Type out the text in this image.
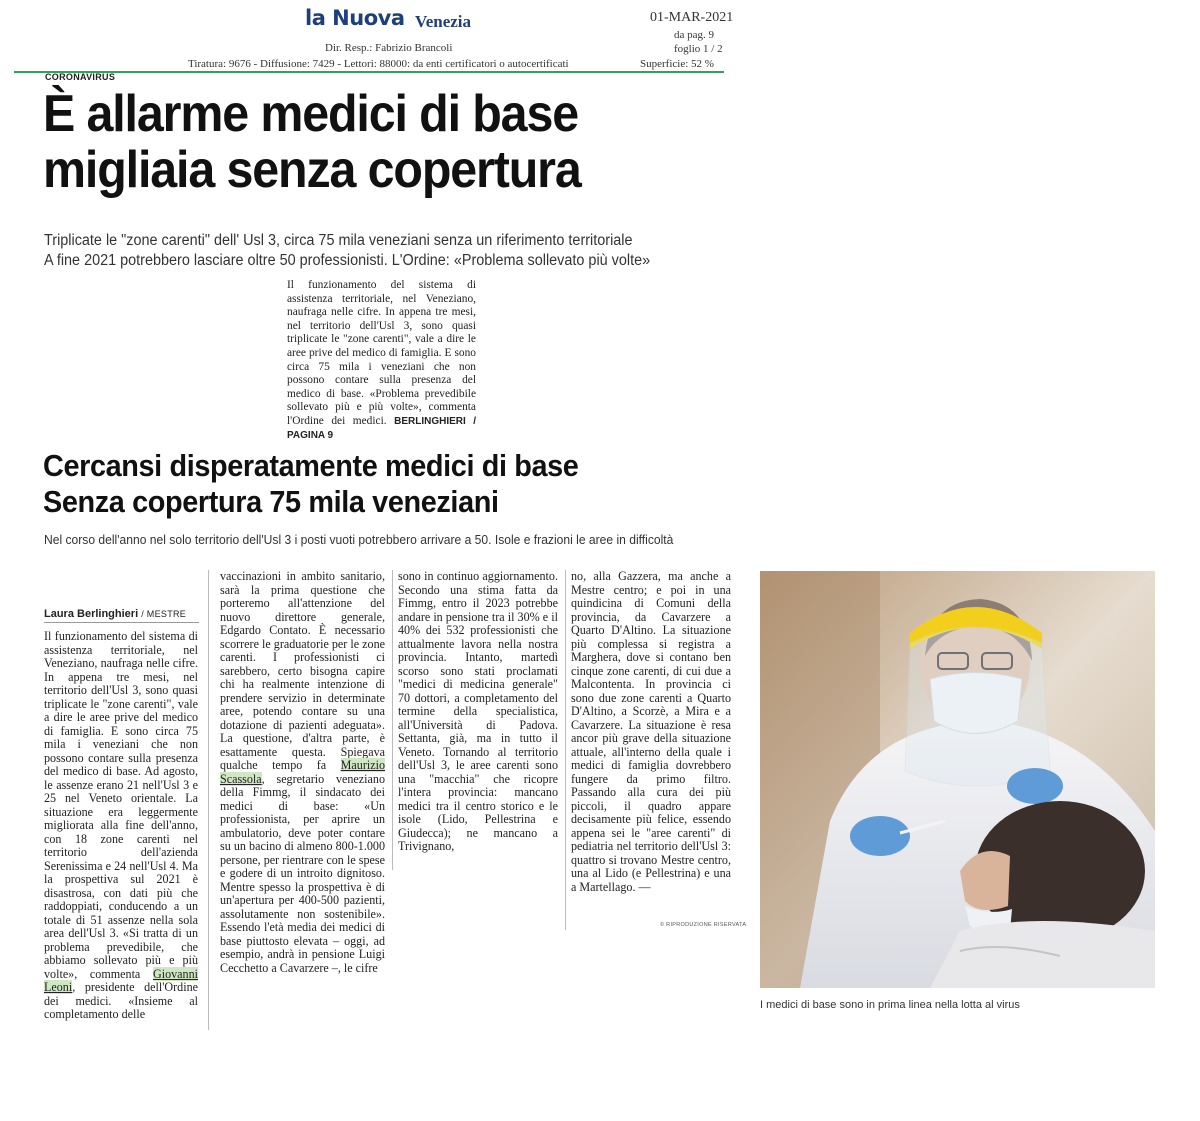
la Nuova Venezia
Dir. Resp.: Fabrizio Brancoli
Tiratura: 9676 - Diffusione: 7429 - Lettori: 88000: da enti certificatori o autocertificati
01-MAR-2021
da pag. 9
foglio 1 / 2
Superficie: 52 %
CORONAVIRUS
È allarme medici di base
migliaia senza copertura

Triplicate le "zone carenti" dell' Usl 3, circa 75 mila veneziani senza un riferimento territoriale

A fine 2021 potrebbero lasciare oltre 50 professionisti. L'Ordine: «Problema sollevato più volte»

Il funzionamento del sistema di assistenza territoriale, nel Veneziano, naufraga nelle cifre. In appena tre mesi, nel territorio dell'Usl 3, sono quasi triplicate le "zone carenti", vale a dire le aree prive del medico di famiglia. E sono circa 75 mila i veneziani che non possono contare sulla presenza del medico di base. «Problema prevedibile sollevato più e più volte», commenta l'Ordine dei medici. BERLINGHIERI / PAGINA 9

Cercansi disperatamente medici di base

Senza copertura 75 mila veneziani

Nel corso dell'anno nel solo territorio dell'Usl 3 i posti vuoti potrebbero arrivare a 50. Isole e frazioni le aree in difficoltà
Laura Berlinghieri / MESTRE
Il funzionamento del sistema di assistenza territoriale, nel Veneziano, naufraga nelle cifre. In appena tre mesi, nel territorio dell'Usl 3, sono quasi triplicate le "zone carenti", vale a dire le aree prive del medico di famiglia. E sono circa 75 mila i veneziani che non possono contare sulla presenza del medico di base. Ad agosto, le assenze erano 21 nell'Usl 3 e 25 nel Veneto orientale. La situazione era leggermente migliorata alla fine dell'anno, con 18 zone carenti nel territorio dell'azienda Serenissima e 24 nell'Usl 4. Ma la prospettiva sul 2021 è disastrosa, con dati più che raddoppiati, conducendo a un totale di 51 assenze nella sola area dell'Usl 3. «Si tratta di un problema prevedibile, che abbiamo sollevato più e più volte», commenta Giovanni Leoni, presidente dell'Ordine dei medici. «Insieme al completamento delle
vaccinazioni in ambito sanitario, sarà la prima questione che porteremo all'attenzione del nuovo direttore generale, Edgardo Contato. È necessario scorrere le graduatorie per le zone carenti. I professionisti ci sarebbero, certo bisogna capire chi ha realmente intenzione di prendere servizio in determinate aree, potendo contare su una dotazione di pazienti adeguata». La questione, d'altra parte, è esattamente questa. Spiegava qualche tempo fa Maurizio Scassola, segretario veneziano della Fimmg, il sindacato dei medici di base: «Un professionista, per aprire un ambulatorio, deve poter contare su un bacino di almeno 800-1.000 persone, per rientrare con le spese e godere di un introito dignitoso. Mentre spesso la prospettiva è di un'apertura per 400-500 pazienti, assolutamente non sostenibile». Essendo l'età media dei medici di base piuttosto elevata – oggi, ad esempio, andrà in pensione Luigi Cecchetto a Cavarzere –, le cifre
sono in continuo aggiornamento. Secondo una stima fatta da Fimmg, entro il 2023 potrebbe andare in pensione tra il 30% e il 40% dei 532 professionisti che attualmente lavora nella nostra provincia. Intanto, martedì scorso sono stati proclamati "medici di medicina generale" 70 dottori, a completamento del termine della specialistica, all'Università di Padova. Settanta, già, ma in tutto il Veneto. Tornando al territorio dell'Usl 3, le aree carenti sono una "macchia" che ricopre l'intera provincia: mancano medici tra il centro storico e le isole (Lido, Pellestrina e Giudecca); ne mancano a Trivignano,
no, alla Gazzera, ma anche a Mestre centro; e poi in una quindicina di Comuni della provincia, da Cavarzere a Quarto D'Altino. La situazione più complessa si registra a Marghera, dove si contano ben cinque zone carenti, di cui due a Malcontenta. In provincia ci sono due zone carenti a Quarto D'Altino, a Scorzè, a Mira e a Cavarzere. La situazione è resa ancor più grave della situazione attuale, all'interno della quale i medici di famiglia dovrebbero fungere da primo filtro. Passando alla cura dei più piccoli, il quadro appare decisamente più felice, essendo appena sei le "aree carenti" di pediatria nel territorio dell'Usl 3: quattro si trovano Mestre centro, una al Lido (e Pellestrina) e una a Martellago. —
© RIPRODUZIONE RISERVATA
I medici di base sono in prima linea nella lotta al virus
